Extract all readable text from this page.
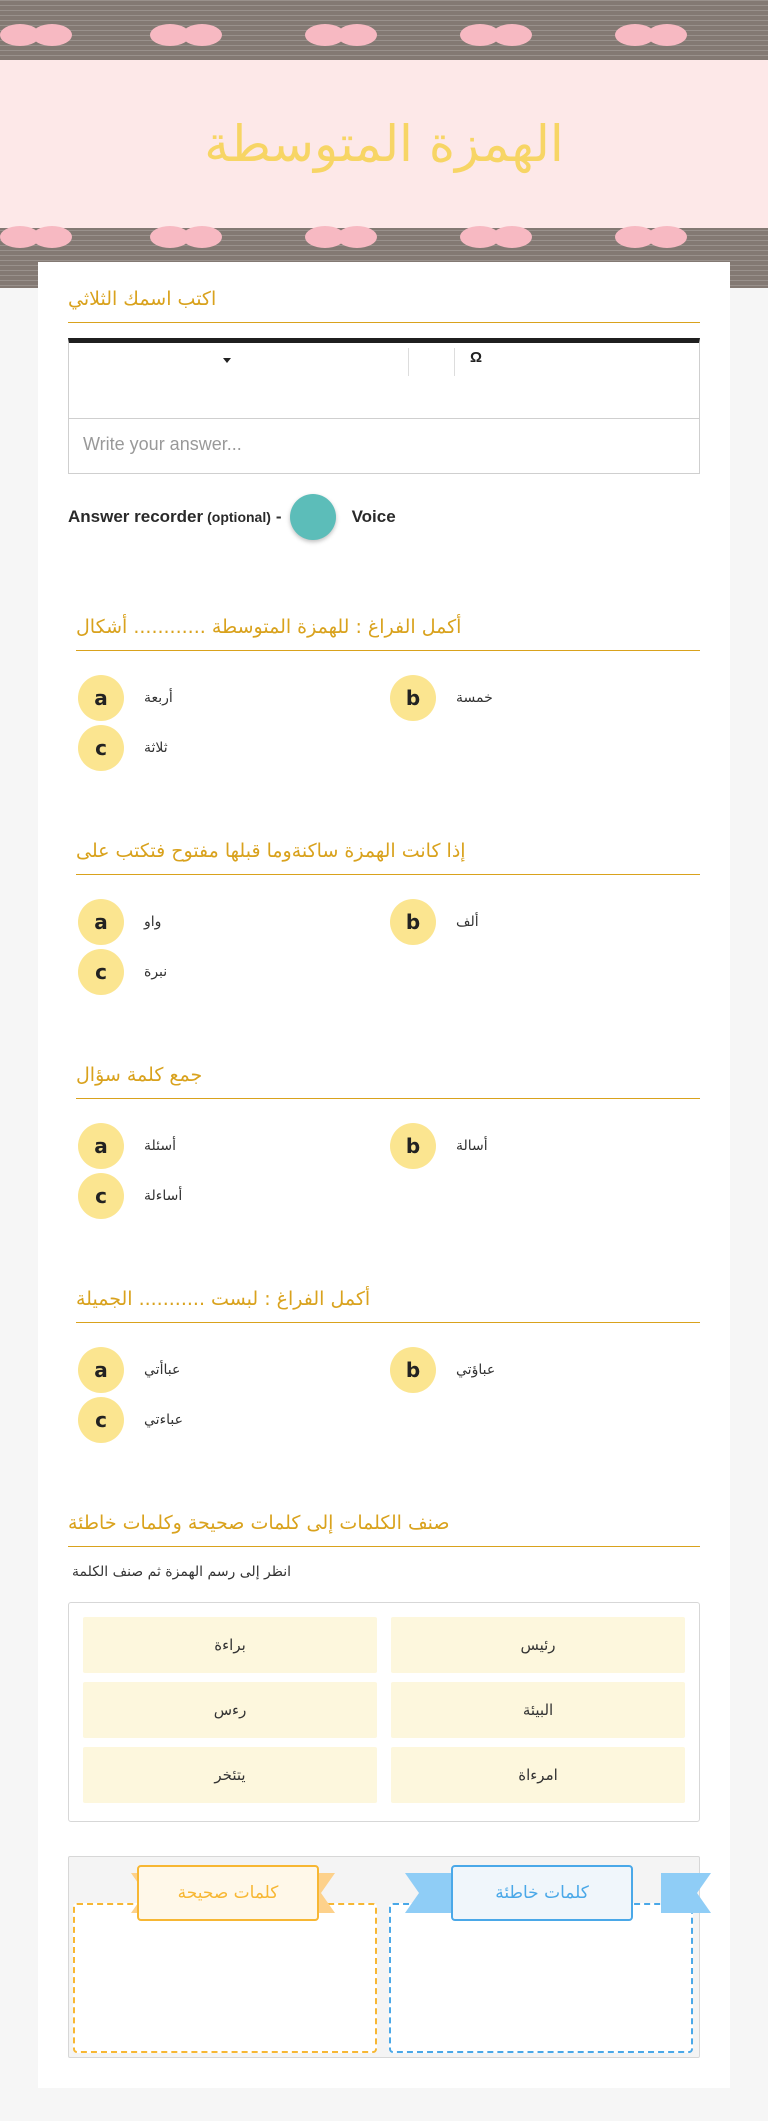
الهمزة المتوسطة
اكتب اسمك الثلاثي
Ω
Write your answer...
Answer recorder (optional) -	Voice
أكمل الفراغ : للهمزة المتوسطة ............ أشكال
a	أربعة	b	خمسة
c	ثلاثة
إذا كانت الهمزة ساكنةوما قبلها مفتوح فتكتب على
a	واو	b	ألف
c	نبرة
جمع كلمة سؤال
a	أسئلة	b	أسالة
c	أساءلة
أكمل الفراغ : لبست ........... الجميلة
a	عباأتي	b	عباؤتي
c	عباءتي
صنف الكلمات إلى كلمات صحيحة وكلمات خاطئة
انظر إلى رسم الهمزة ثم صنف الكلمة
براءة	رئيس
رءس	البيئة
يتئخر	امرءاة
كلمات صحيحة	كلمات خاطئة
